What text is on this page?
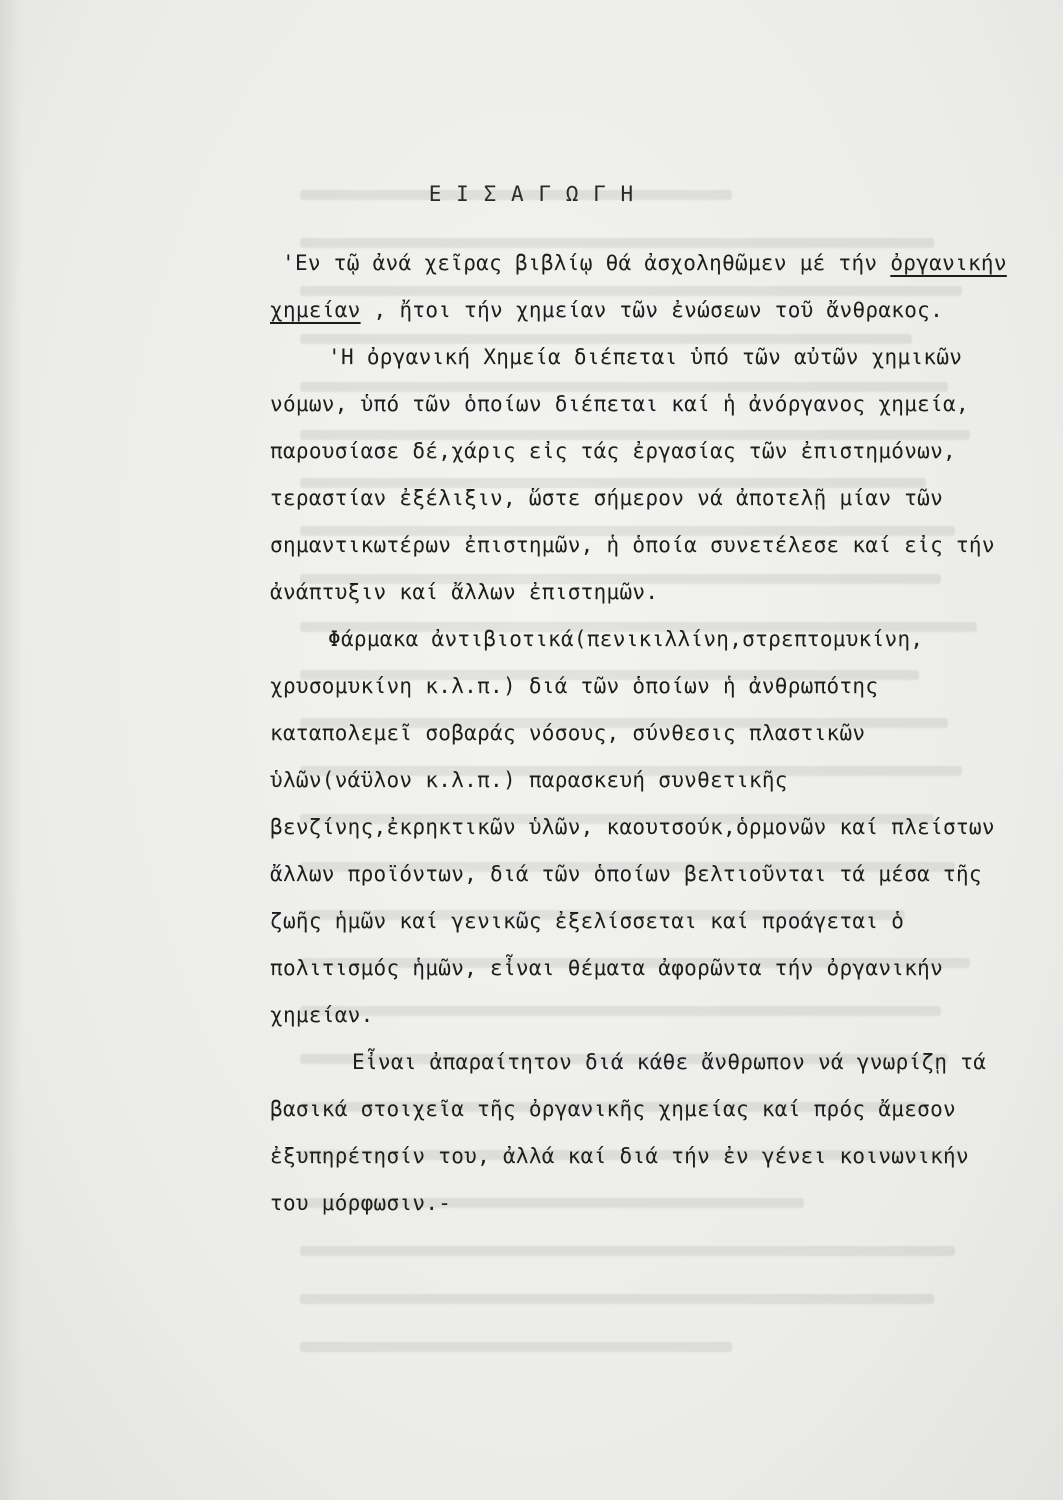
Ε Ι Σ Α Γ Ω Γ Η

'Εν τῷ ἀνά χεῖρας βιβλίῳ θά ἀσχοληθῶμεν μέ τήν ὀργανικήν χημείαν , ἤτοι τήν χημείαν τῶν ἐνώσεων τοῦ ἄνθρακος.

'Η ὀργανική Χημεία διέπεται ὑπό τῶν αὐτῶν χημικῶν νόμων, ὑπό τῶν ὁποίων διέπεται καί ἡ ἀνόργανος χημεία, παρουσίασε δέ,χάρις εἰς τάς ἐργασίας τῶν ἐπιστημόνων, τεραστίαν ἐξέλιξιν, ὥστε σήμερον νά ἀποτελῇ μίαν τῶν σημαντικωτέρων ἐπιστημῶν, ἡ ὁποία συνετέλεσε καί εἰς τήν ἀνάπτυξιν καί ἄλλων ἐπιστημῶν.

Φάρμακα ἀντιβιοτικά(πενικιλλίνη,στρεπτομυκίνη, χρυσομυκίνη κ.λ.π.) διά τῶν ὁποίων ἡ ἀνθρωπότης καταπολεμεῖ σοβαράς νόσους, σύνθεσις πλαστικῶν ὑλῶν(νάϋλον κ.λ.π.) παρασκευή συνθετικῆς βενζίνης,ἐκρηκτικῶν ὑλῶν, καουτσούκ,ὁρμονῶν καί πλείστων ἄλλων προϊόντων, διά τῶν ὁποίων βελτιοῦνται τά μέσα τῆς ζωῆς ἡμῶν καί γενικῶς ἐξελίσσεται καί προάγεται ὁ πολιτισμός ἡμῶν, εἶναι θέματα ἀφορῶντα τήν ὀργανικήν χημείαν.

Εἶναι ἀπαραίτητον διά κάθε ἄνθρωπον νά γνωρίζῃ τά βασικά στοιχεῖα τῆς ὀργανικῆς χημείας καί πρός ἄμεσον ἐξυπηρέτησίν του, ἀλλά καί διά τήν ἐν γένει κοινωνικήν του μόρφωσιν.-
